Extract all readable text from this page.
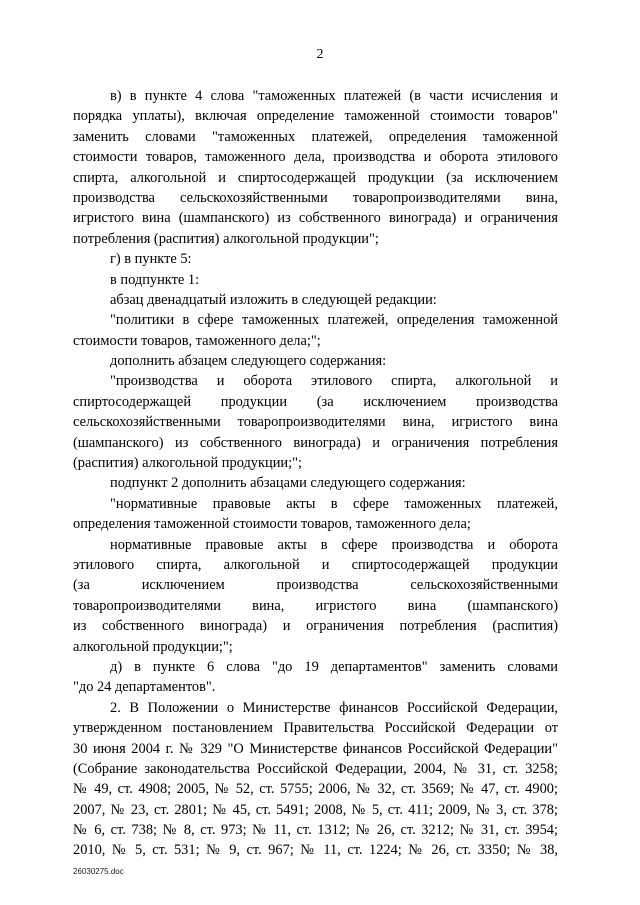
2
в) в пункте 4 слова "таможенных платежей (в части исчисления и
порядка уплаты), включая определение таможенной стоимости товаров"
заменить словами "таможенных платежей, определения таможенной
стоимости товаров, таможенного дела, производства и оборота этилового
спирта, алкогольной и спиртосодержащей продукции (за исключением
производства сельскохозяйственными товаропроизводителями вина,
игристого вина (шампанского) из собственного винограда) и ограничения
потребления (распития) алкогольной продукции";
г) в пункте 5:
в подпункте 1:
абзац двенадцатый изложить в следующей редакции:
"политики в сфере таможенных платежей, определения таможенной
стоимости товаров, таможенного дела;";
дополнить абзацем следующего содержания:
"производства и оборота этилового спирта, алкогольной и
спиртосодержащей продукции (за исключением производства
сельскохозяйственными товаропроизводителями вина, игристого вина
(шампанского) из собственного винограда) и ограничения потребления
(распития) алкогольной продукции;";
подпункт 2 дополнить абзацами следующего содержания:
"нормативные правовые акты в сфере таможенных платежей,
определения таможенной стоимости товаров, таможенного дела;
нормативные правовые акты в сфере производства и оборота
этилового спирта, алкогольной и спиртосодержащей продукции
(за исключением производства сельскохозяйственными
товаропроизводителями вина, игристого вина (шампанского)
из собственного винограда) и ограничения потребления (распития)
алкогольной продукции;";
д) в пункте 6 слова "до 19 департаментов" заменить словами
"до 24 департаментов".
2. В Положении о Министерстве финансов Российской Федерации,
утвержденном постановлением Правительства Российской Федерации от
30 июня 2004 г. № 329 "О Министерстве финансов Российской Федерации"
(Собрание законодательства Российской Федерации, 2004, № 31, ст. 3258;
№ 49, ст. 4908; 2005, № 52, ст. 5755; 2006, № 32, ст. 3569; № 47, ст. 4900;
2007, № 23, ст. 2801; № 45, ст. 5491; 2008, № 5, ст. 411; 2009, № 3, ст. 378;
№ 6, ст. 738; № 8, ст. 973; № 11, ст. 1312; № 26, ст. 3212; № 31, ст. 3954;
2010, № 5, ст. 531; № 9, ст. 967; № 11, ст. 1224; № 26, ст. 3350; № 38,
26030275.doc
